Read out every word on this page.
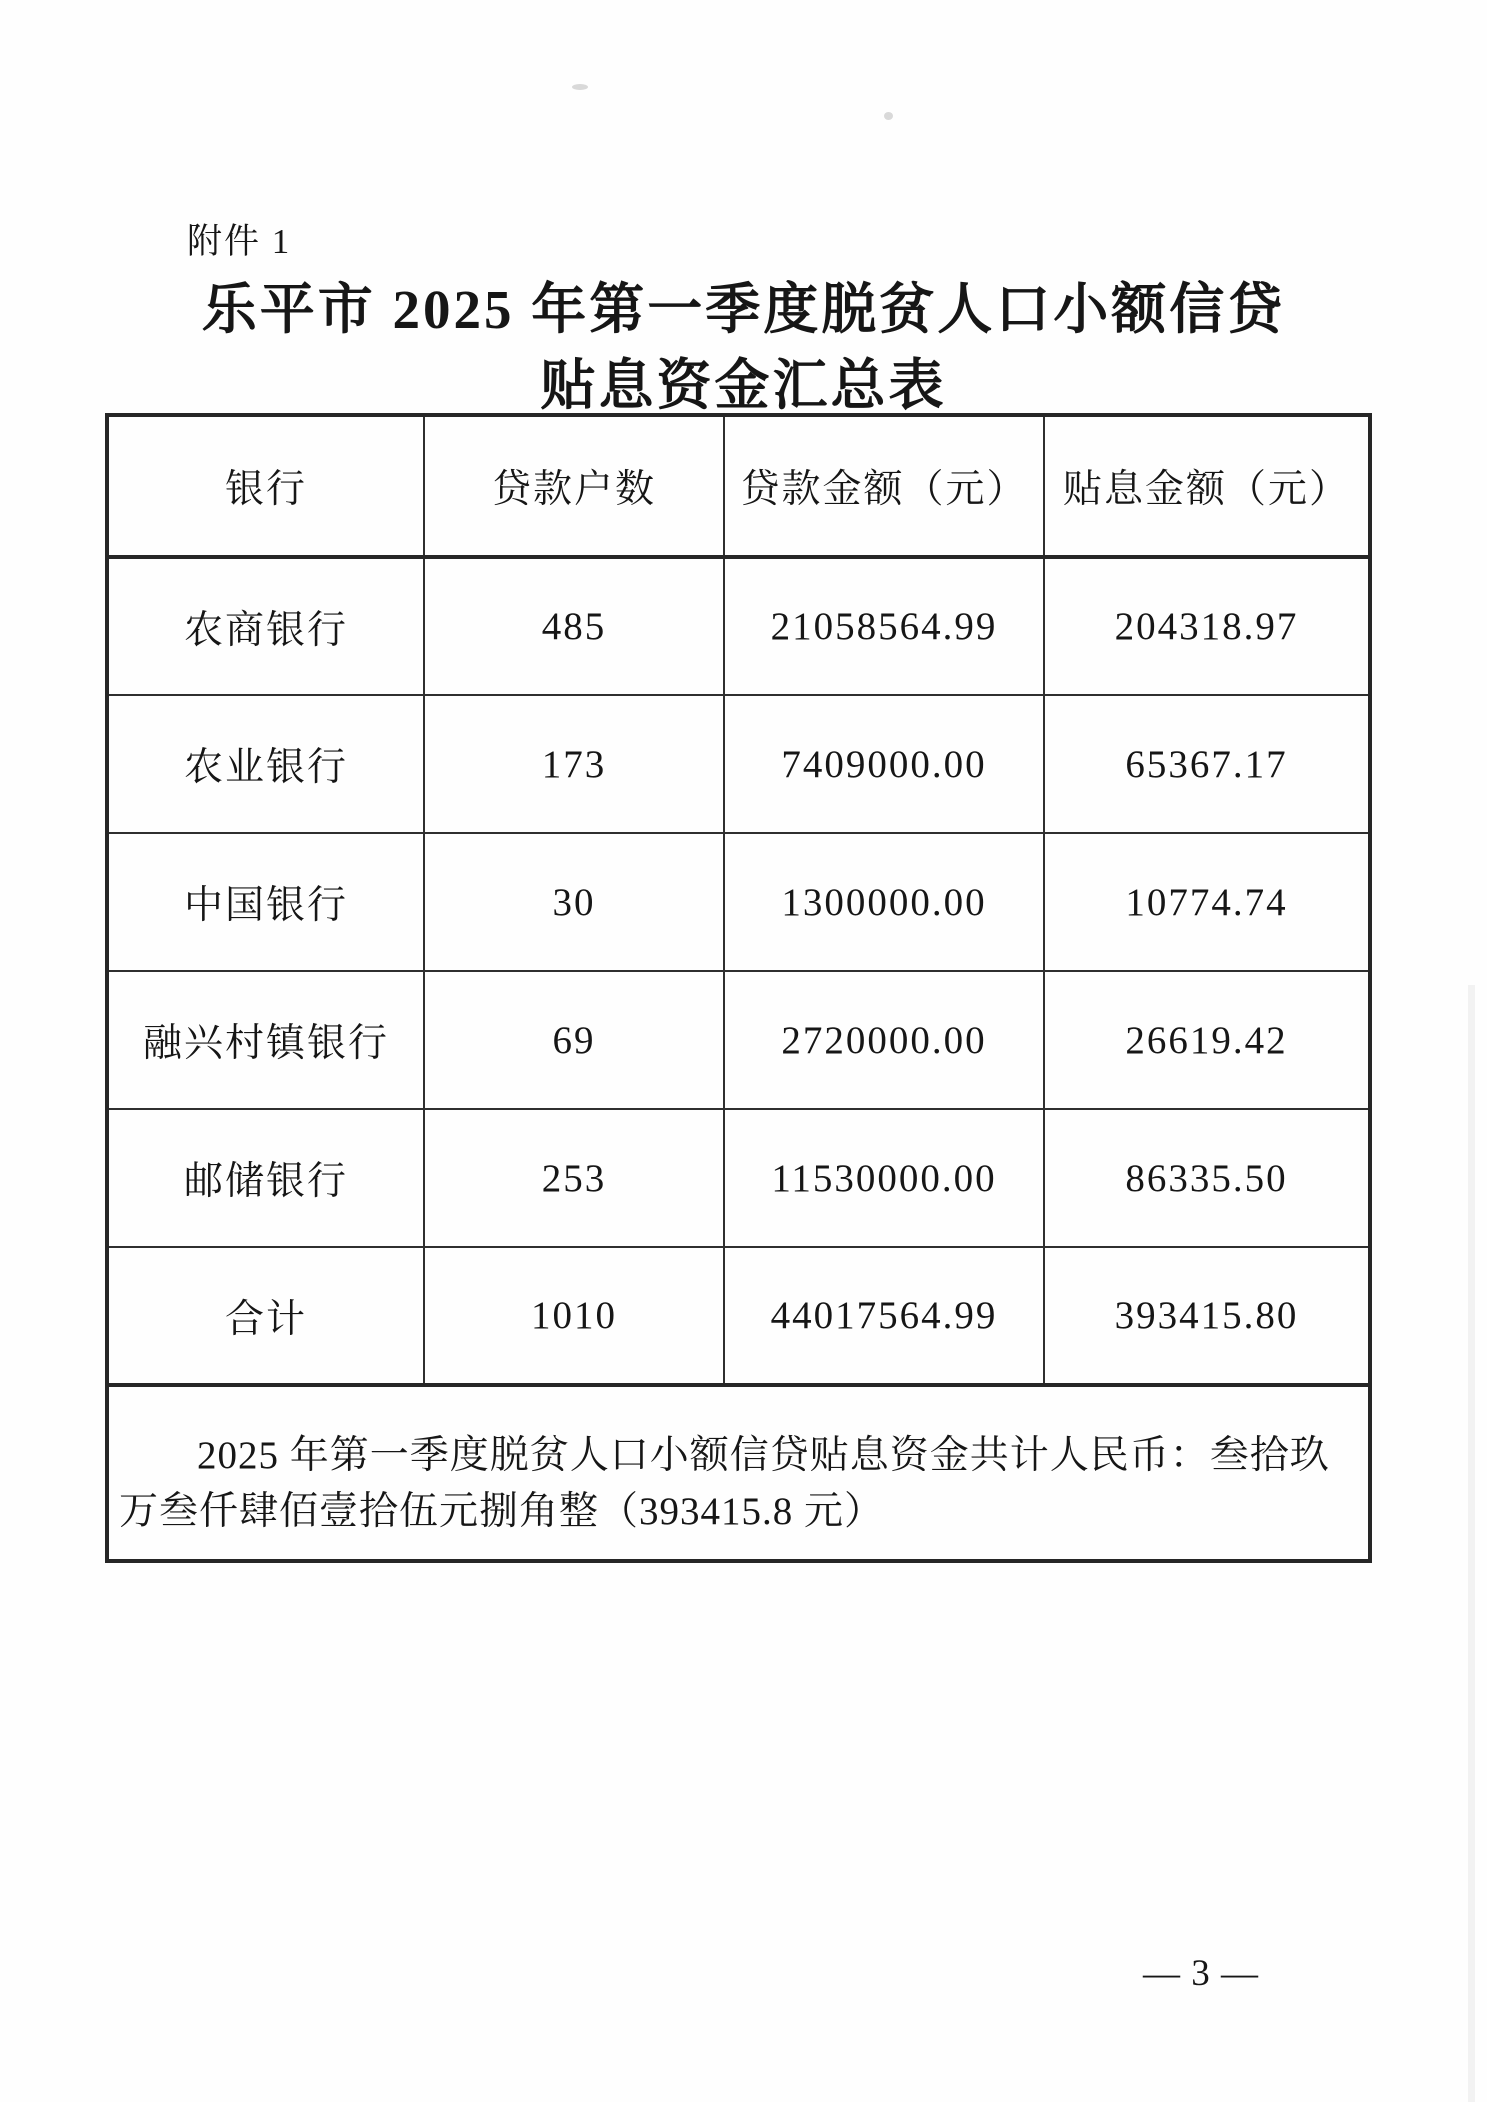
附件 1
乐平市 2025 年第一季度脱贫人口小额信贷
贴息资金汇总表
银行	贷款户数	贷款金额（元）	贴息金额（元）
农商银行	485	21058564.99	204318.97
农业银行	173	7409000.00	65367.17
中国银行	30	1300000.00	10774.74
融兴村镇银行	69	2720000.00	26619.42
邮储银行	253	11530000.00	86335.50
合计	1010	44017564.99	393415.80

2025 年第一季度脱贫人口小额信贷贴息资金共计人民币：叁拾玖万叁仟肆佰壹拾伍元捌角整（393415.8 元）			

— 3 —
